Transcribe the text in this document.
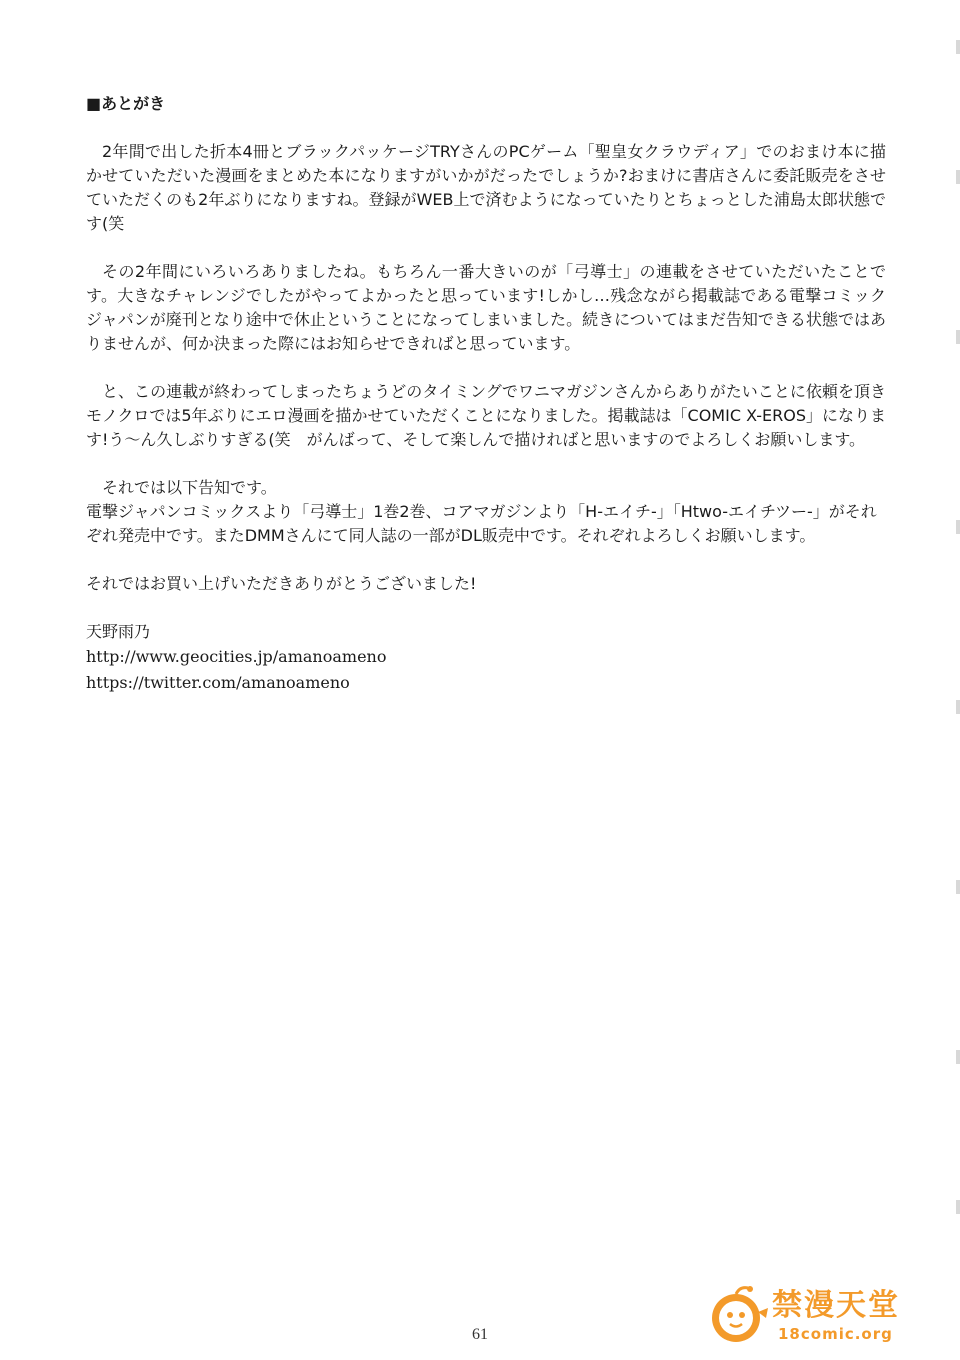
■あとがき

2年間で出した折本4冊とブラックパッケージTRYさんのPCゲーム「聖皇女クラウディア」でのおまけ本に描かせていただいた漫画をまとめた本になりますがいかがだったでしょうか?おまけに書店さんに委託販売をさせていただくのも2年ぶりになりますね。登録がWEB上で済むようになっていたりとちょっとした浦島太郎状態です(笑

その2年間にいろいろありましたね。もちろん一番大きいのが「弓導士」の連載をさせていただいたことです。大きなチャレンジでしたがやってよかったと思っています!しかし…残念ながら掲載誌である電撃コミックジャパンが廃刊となり途中で休止ということになってしまいました。続きについてはまだ告知できる状態ではありませんが、何か決まった際にはお知らせできればと思っています。

と、この連載が終わってしまったちょうどのタイミングでワニマガジンさんからありがたいことに依頼を頂きモノクロでは5年ぶりにエロ漫画を描かせていただくことになりました。掲載誌は「COMIC X-EROS」になります!う〜ん久しぶりすぎる(笑　がんばって、そして楽しんで描ければと思いますのでよろしくお願いします。

それでは以下告知です。

電撃ジャパンコミックスより「弓導士」1巻2巻、コアマガジンより「H-エイチ-」「Htwo-エイチツー-」がそれぞれ発売中です。またDMMさんにて同人誌の一部がDL販売中です。それぞれよろしくお願いします。

それではお買い上げいただきありがとうございました!

天野雨乃

http://www.geocities.jp/amanoameno

https://twitter.com/amanoameno

61
禁漫天堂
18comic.org
